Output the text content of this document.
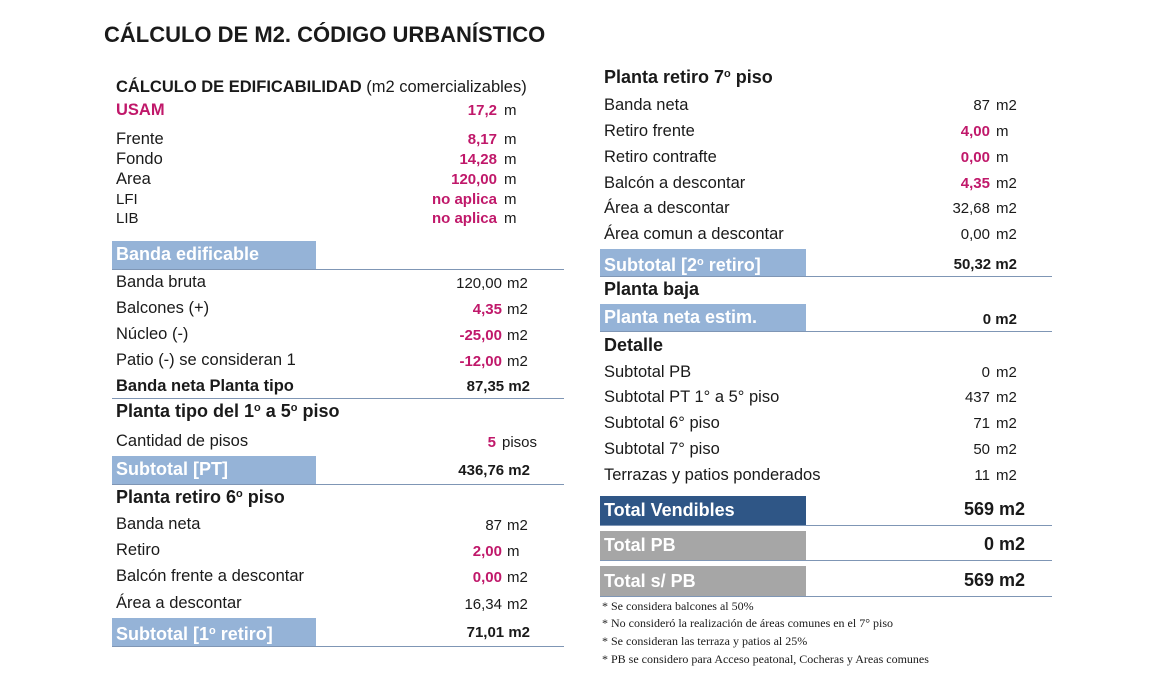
CÁLCULO DE M2. CÓDIGO URBANÍSTICO
CÁLCULO DE EDIFICABILIDAD (m2 comercializables)
USAM	17,2 m
Frente	8,17 m
Fondo	14,28 m
Area	120,00 m
LFI	no aplica m
LIB	no aplica m
Banda edificable
Banda bruta	120,00 m2
Balcones (+)	4,35 m2
Núcleo (-)	-25,00 m2
Patio (-) se consideran 1	-12,00 m2
Banda neta Planta tipo	87,35 m2
Planta tipo del 1$^o$ a 5$^o$ piso
Cantidad de pisos	5 pisos
Subtotal [PT]	436,76 m2
Planta retiro 6$^o$ piso
Banda neta	87 m2
Retiro	2,00 m
Balcón frente a descontar	0,00 m2
Área a descontar	16,34 m2
Subtotal [1$^o$ retiro]	71,01 m2
Planta retiro 7$^o$ piso
Banda neta	87 m2
Retiro frente	4,00 m
Retiro contrafte	0,00 m
Balcón a descontar	4,35 m2
Área a descontar	32,68 m2
Área comun a descontar	0,00 m2
Subtotal [2$^o$ retiro]	50,32 m2
Planta baja
Planta neta estim.	0 m2
Detalle
Subtotal PB	0 m2
Subtotal PT 1° a 5° piso	437 m2
Subtotal 6° piso	71 m2
Subtotal 7° piso	50 m2
Terrazas y patios ponderados	11 m2
Total Vendibles	569 m2
Total PB	0 m2
Total s/ PB	569 m2
* Se considera balcones al 50%
* No consideró la realización de áreas comunes en el 7° piso
* Se consideran las terraza y patios al 25%
* PB se considero para Acceso peatonal, Cocheras y Areas comunes
